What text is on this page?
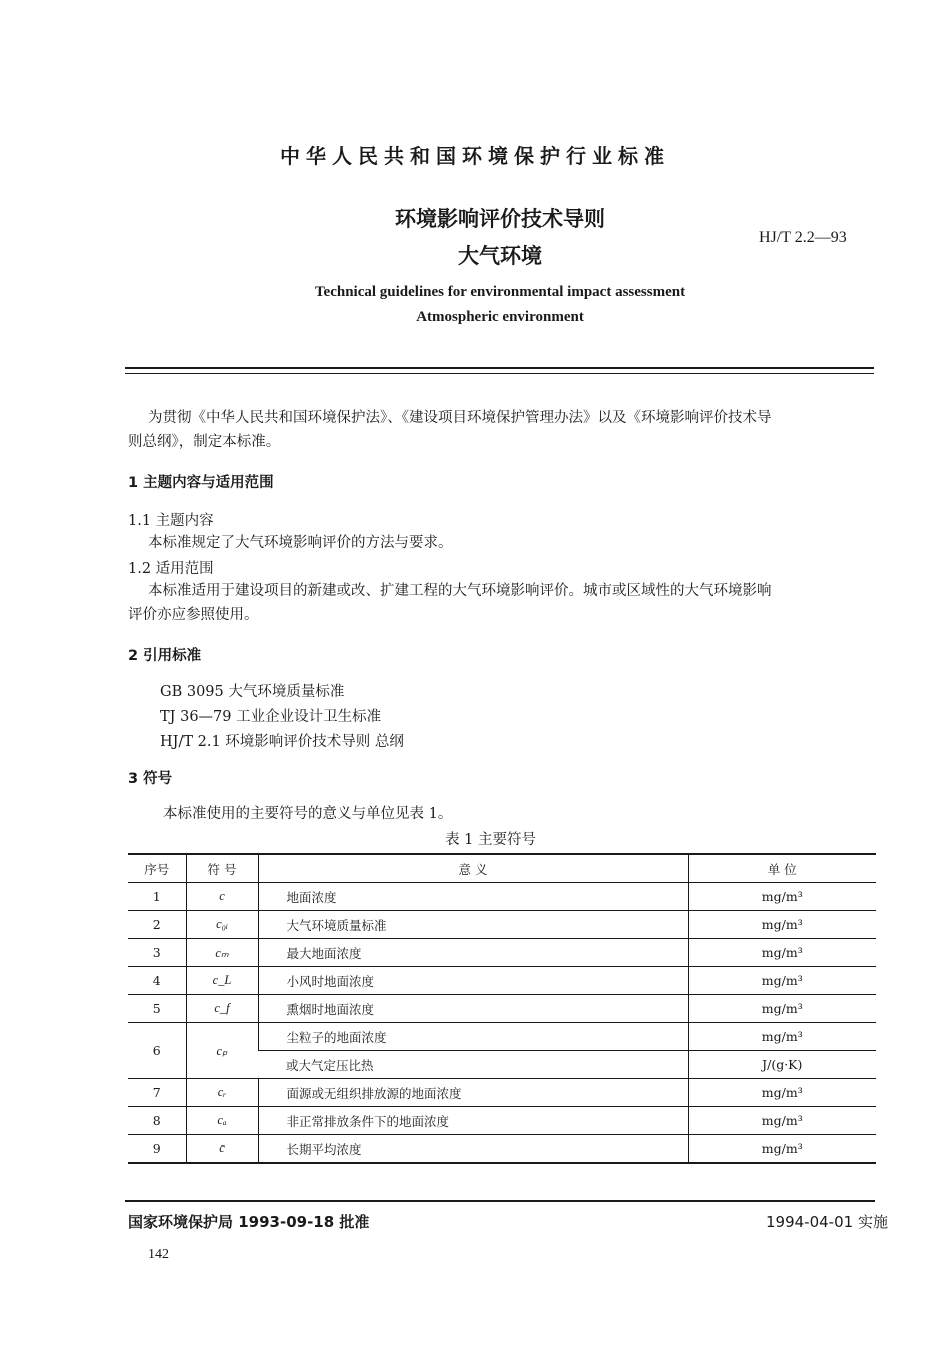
中华人民共和国环境保护行业标准
环境影响评价技术导则
大气环境
HJ/T 2.2—93
Technical guidelines for environmental impact assessment
Atmospheric environment
为贯彻《中华人民共和国环境保护法》、《建设项目环境保护管理办法》以及《环境影响评价技术导
则总纲》，制定本标准。
1 主题内容与适用范围
1.1 主题内容
本标准规定了大气环境影响评价的方法与要求。
1.2 适用范围
本标准适用于建设项目的新建或改、扩建工程的大气环境影响评价。城市或区域性的大气环境影响
评价亦应参照使用。
2 引用标准
GB 3095 大气环境质量标准
TJ 36—79 工业企业设计卫生标准
HJ/T 2.1 环境影响评价技术导则 总纲
3 符号
本标准使用的主要符号的意义与单位见表 1。
表 1 主要符号
序号	符 号	意 义	单 位
1	c	地面浓度	mg/m³
2	c₀ᵢ	大气环境质量标准	mg/m³
3	cₘ	最大地面浓度	mg/m³
4	c_L	小风时地面浓度	mg/m³
5	c_f	熏烟时地面浓度	mg/m³
6	cₚ	尘粒子的地面浓度	mg/m³
		或大气定压比热	J/(g·K)
7	cᵣ	面源或无组织排放源的地面浓度	mg/m³
8	cₐ	非正常排放条件下的地面浓度	mg/m³
9	c̄	长期平均浓度	mg/m³
国家环境保护局 1993-09-18 批准	1994-04-01 实施
142
